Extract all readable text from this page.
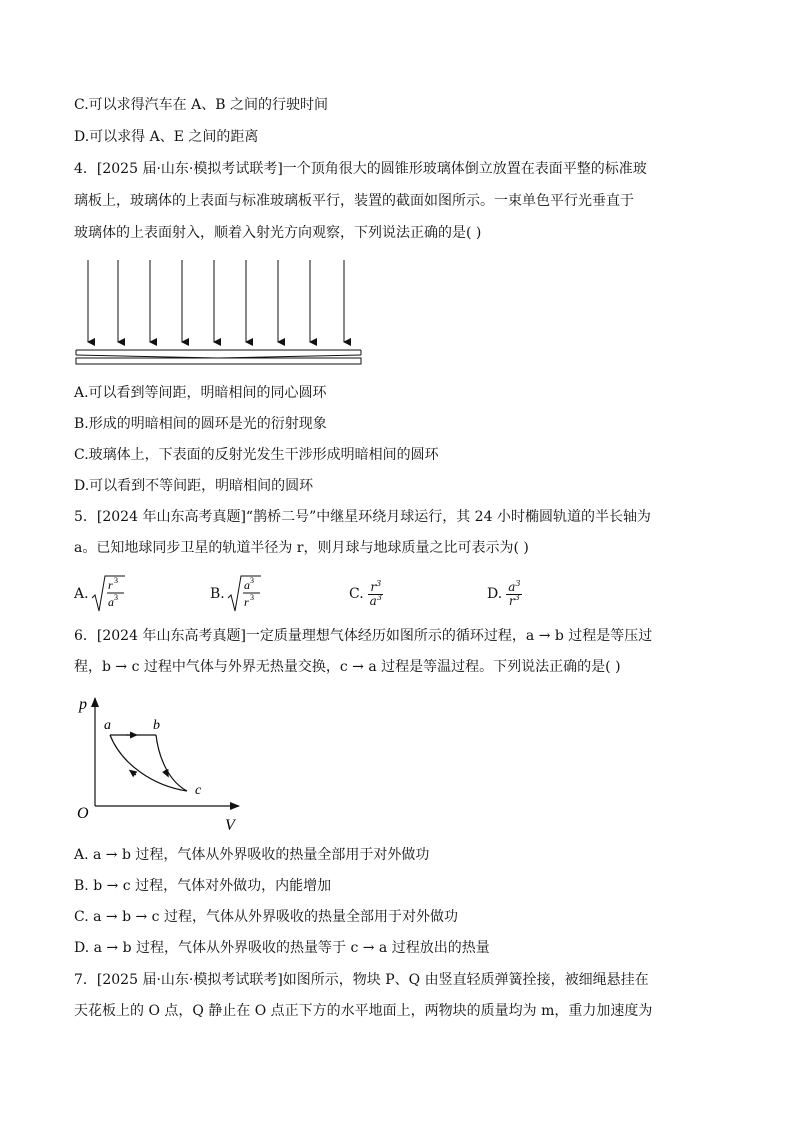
C.可以求得汽车在 A、B 之间的行驶时间
D.可以求得 A、E 之间的距离
4．[2025 届·山东·模拟考试联考]一个顶角很大的圆锥形玻璃体倒立放置在表面平整的标准玻
璃板上，玻璃体的上表面与标准玻璃板平行，装置的截面如图所示。一束单色平行光垂直于
玻璃体的上表面射入，顺着入射光方向观察，下列说法正确的是( )
A.可以看到等间距，明暗相间的同心圆环
B.形成的明暗相间的圆环是光的衍射现象
C.玻璃体上，下表面的反射光发生干涉形成明暗相间的圆环
D.可以看到不等间距，明暗相间的圆环
5．[2024 年山东高考真题]“鹊桥二号”中继星环绕月球运行，其 24 小时椭圆轨道的半长轴为
a。已知地球同步卫星的轨道半径为 r，则月球与地球质量之比可表示为( )
A.
r 3
a 3	B.
a 3
r 3	C. $\frac{r^3}{a^3}$	D. $\frac{a^3}{r^3}$
6．[2024 年山东高考真题]一定质量理想气体经历如图所示的循环过程，a → b 过程是等压过
程，b → c 过程中气体与外界无热量交换，c → a 过程是等温过程。下列说法正确的是( )
p
V
O
a	b
c
A. a → b 过程，气体从外界吸收的热量全部用于对外做功
B. b → c 过程，气体对外做功，内能增加
C. a → b → c 过程，气体从外界吸收的热量全部用于对外做功
D. a → b 过程，气体从外界吸收的热量等于 c → a 过程放出的热量
7．[2025 届·山东·模拟考试联考]如图所示，物块 P、Q 由竖直轻质弹簧拴接，被细绳悬挂在
天花板上的 O 点，Q 静止在 O 点正下方的水平地面上，两物块的质量均为 m，重力加速度为
